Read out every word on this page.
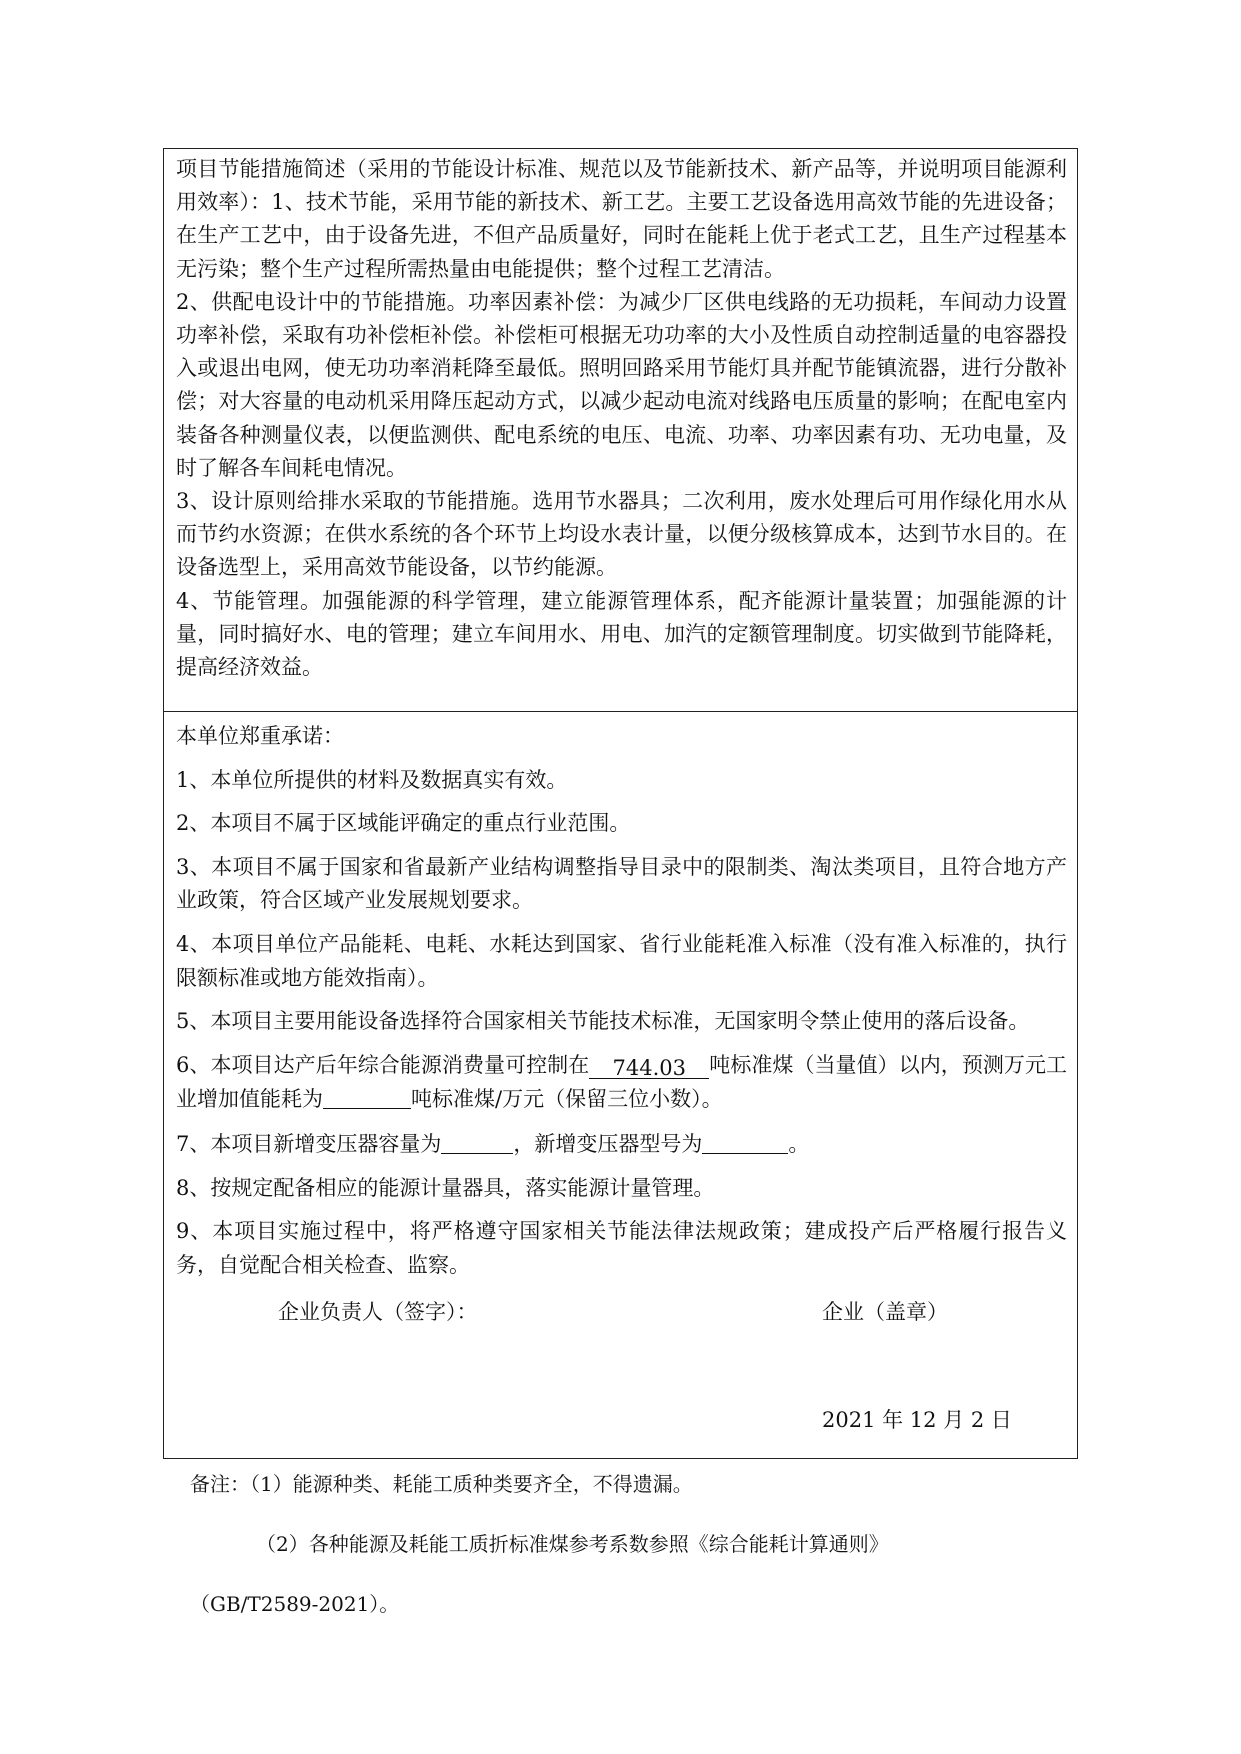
项目节能措施简述（采用的节能设计标准、规范以及节能新技术、新产品等，并说明项目能源利用效率）：1、技术节能，采用节能的新技术、新工艺。主要工艺设备选用高效节能的先进设备；在生产工艺中，由于设备先进，不但产品质量好，同时在能耗上优于老式工艺，且生产过程基本无污染；整个生产过程所需热量由电能提供；整个过程工艺清洁。

2、供配电设计中的节能措施。功率因素补偿：为减少厂区供电线路的无功损耗，车间动力设置功率补偿，采取有功补偿柜补偿。补偿柜可根据无功功率的大小及性质自动控制适量的电容器投入或退出电网，使无功功率消耗降至最低。照明回路采用节能灯具并配节能镇流器，进行分散补偿；对大容量的电动机采用降压起动方式，以减少起动电流对线路电压质量的影响；在配电室内装备各种测量仪表，以便监测供、配电系统的电压、电流、功率、功率因素有功、无功电量，及时了解各车间耗电情况。

3、设计原则给排水采取的节能措施。选用节水器具；二次利用，废水处理后可用作绿化用水从而节约水资源；在供水系统的各个环节上均设水表计量，以便分级核算成本，达到节水目的。在设备选型上，采用高效节能设备，以节约能源。

4、节能管理。加强能源的科学管理，建立能源管理体系，配齐能源计量装置；加强能源的计量，同时搞好水、电的管理；建立车间用水、用电、加汽的定额管理制度。切实做到节能降耗，提高经济效益。

本单位郑重承诺：

1、本单位所提供的材料及数据真实有效。

2、本项目不属于区域能评确定的重点行业范围。

3、本项目不属于国家和省最新产业结构调整指导目录中的限制类、淘汰类项目，且符合地方产业政策，符合区域产业发展规划要求。

4、本项目单位产品能耗、电耗、水耗达到国家、省行业能耗准入标准（没有准入标准的，执行限额标准或地方能效指南）。

5、本项目主要用能设备选择符合国家相关节能技术标准，无国家明令禁止使用的落后设备。

6、本项目达产后年综合能源消费量可控制在 744.03 吨标准煤（当量值）以内，预测万元工业增加值能耗为	吨标准煤/万元（保留三位小数）。

7、本项目新增变压器容量为	，新增变压器型号为	。

8、按规定配备相应的能源计量器具，落实能源计量管理。

9、本项目实施过程中，将严格遵守国家相关节能法律法规政策；建成投产后严格履行报告义务，自觉配合相关检查、监察。

企业负责人（签字）：	企业（盖章）
2021 年 12 月 2 日
备注：（1）能源种类、耗能工质种类要齐全，不得遗漏。
（2）各种能源及耗能工质折标准煤参考系数参照《综合能耗计算通则》
（GB/T2589-2021）。
